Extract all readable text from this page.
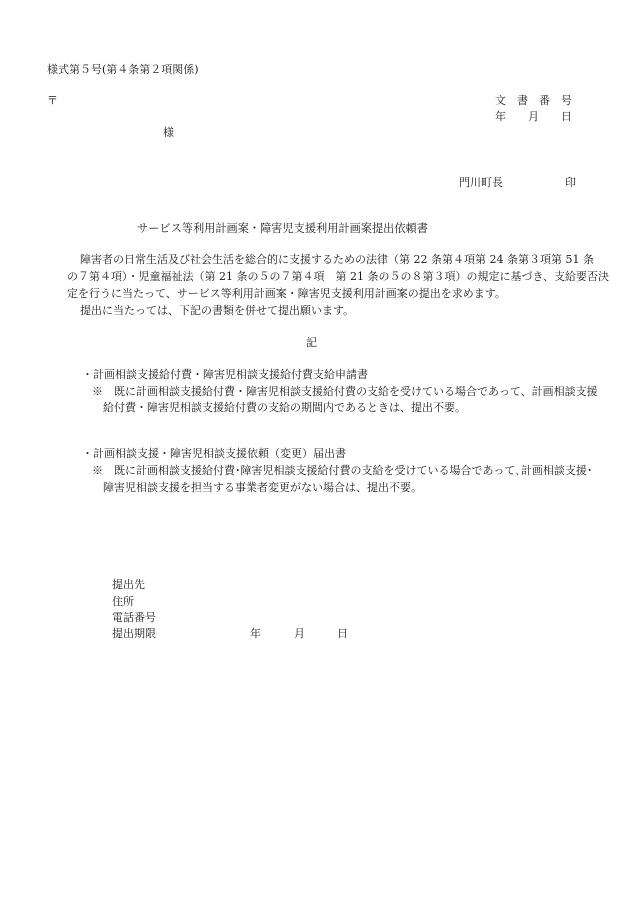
様式第５号(第４条第２項関係)
〒	文　書　番　号
年　　月　　日
様
門川町長	印
サービス等利用計画案・障害児支援利用計画案提出依頼書
障害者の日常生活及び社会生活を総合的に支援するための法律（第 22 条第４項第 24 条第３項第 51 条
の７第４項）・児童福祉法（第 21 条の５の７第４項　第 21 条の５の８第３項）の規定に基づき、支給要否決
定を行うに当たって、サービス等利用計画案・障害児支援利用計画案の提出を求めます。
提出に当たっては、下記の書類を併せて提出願います。
記
・計画相談支援給付費・障害児相談支援給付費支給申請書
※　既に計画相談支援給付費・障害児相談支援給付費の支給を受けている場合であって、計画相談支援
給付費・障害児相談支援給付費の支給の期間内であるときは、提出不要。
・計画相談支援・障害児相談支援依頼（変更）届出書
※　既に計画相談支援給付費･障害児相談支援給付費の支給を受けている場合であって､計画相談支援･
障害児相談支援を担当する事業者変更がない場合は、提出不要。
提出先
住所
電話番号
提出期限	年	月	日
